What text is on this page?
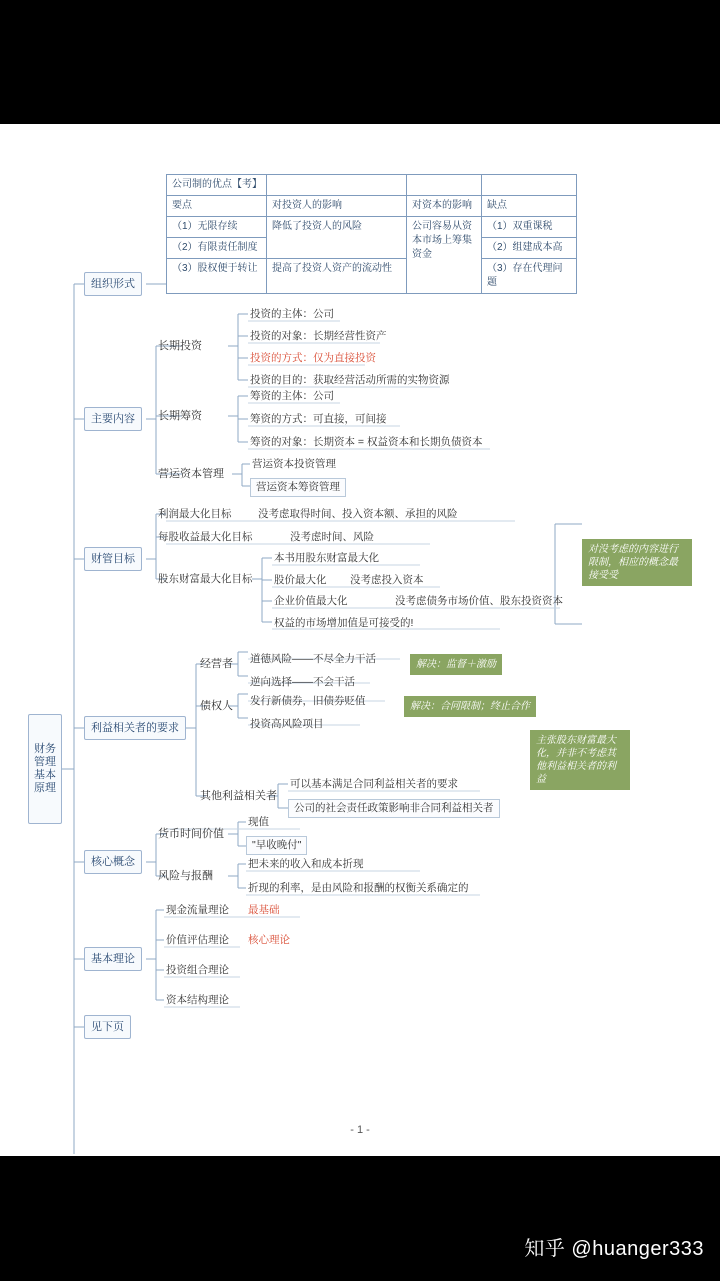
公司制的优点【考】			
要点	对投资人的影响	对资本的影响	缺点
（1）无限存续	降低了投资人的风险	公司容易从资本市场上筹集资金	（1）双重课税
（2）有限责任制度			（2）组建成本高
（3）股权便于转让	提高了投资人资产的流动性		（3）存在代理问题
财务管理基本原理
组织形式
主要内容
财管目标
利益相关者的要求
核心概念
基本理论
见下页
长期投资
长期筹资
营运资本管理
投资的主体：公司
投资的对象：长期经营性资产
投资的方式：仅为直接投资
投资的目的：获取经营活动所需的实物资源
筹资的主体：公司
筹资的方式：可直接，可间接
筹资的对象：长期资本 = 权益资本和长期负债资本
营运资本投资管理
营运资本筹资管理
利润最大化目标	没考虑取得时间、投入资本额、承担的风险
每股收益最大化目标	没考虑时间、风险
股东财富最大化目标
本书用股东财富最大化
股价最大化 没考虑投入资本
企业价值最大化	没考虑债务市场价值、股东投资资本
权益的市场增加值是可接受的!
对没考虑的内容进行限制，相应的概念最接受受
经营者 道德风险——不尽全力干活
逆向选择——不会干活
解决：监督＋激励
债权人 发行新债券，旧债券贬值
投资高风险项目
解决：合同限制；终止合作
其他利益相关者
可以基本满足合同利益相关者的要求
公司的社会责任政策影响非合同利益相关者
主张股东财富最大化，并非不考虑其他利益相关者的利益
货币时间价值
现值
"早收晚付"
风险与报酬
把未来的收入和成本折现
折现的利率，是由风险和报酬的权衡关系确定的
现金流量理论 最基础
价值评估理论 核心理论
投资组合理论
资本结构理论
- 1 -
知乎 @huanger333
